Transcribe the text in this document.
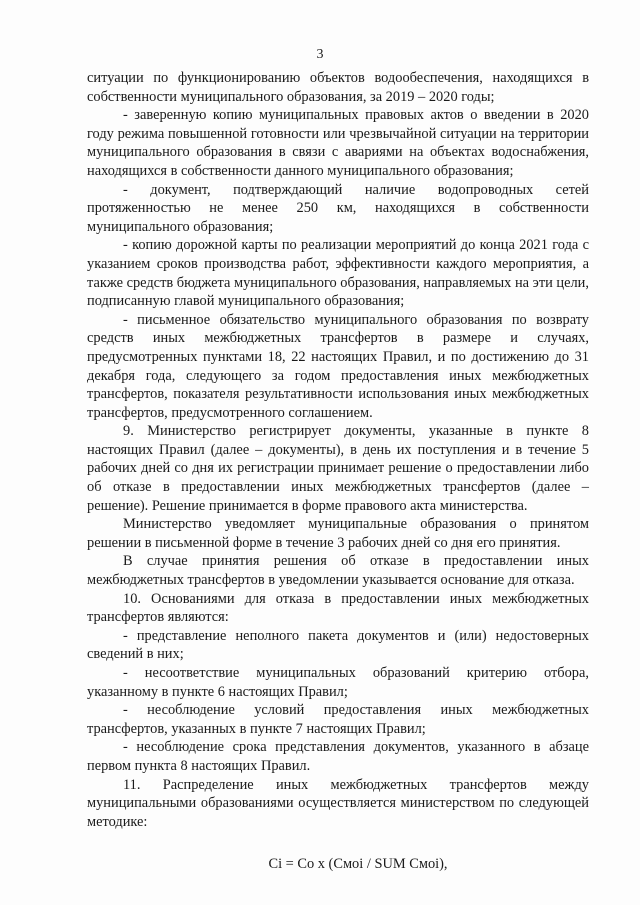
3

ситуации по функционированию объектов водообеспечения, находящихся в собственности муниципального образования, за 2019 – 2020 годы;

- заверенную копию муниципальных правовых актов о введении в 2020 году режима повышенной готовности или чрезвычайной ситуации на территории муниципального образования в связи с авариями на объектах водоснабжения, находящихся в собственности данного муниципального образования;

- документ, подтверждающий наличие водопроводных сетей протяженностью не менее 250 км, находящихся в собственности муниципального образования;

- копию дорожной карты по реализации мероприятий до конца 2021 года с указанием сроков производства работ, эффективности каждого мероприятия, а также средств бюджета муниципального образования, направляемых на эти цели, подписанную главой муниципального образования;

- письменное обязательство муниципального образования по возврату средств иных межбюджетных трансфертов в размере и случаях, предусмотренных пунктами 18, 22 настоящих Правил, и по достижению до 31 декабря года, следующего за годом предоставления иных межбюджетных трансфертов, показателя результативности использования иных межбюджетных трансфертов, предусмотренного соглашением.

9. Министерство регистрирует документы, указанные в пункте 8 настоящих Правил (далее – документы), в день их поступления и в течение 5 рабочих дней со дня их регистрации принимает решение о предоставлении либо об отказе в предоставлении иных межбюджетных трансфертов (далее – решение). Решение принимается в форме правового акта министерства.

Министерство уведомляет муниципальные образования о принятом решении в письменной форме в течение 3 рабочих дней со дня его принятия.

В случае принятия решения об отказе в предоставлении иных межбюджетных трансфертов в уведомлении указывается основание для отказа.

10. Основаниями для отказа в предоставлении иных межбюджетных трансфертов являются:

- представление неполного пакета документов и (или) недостоверных сведений в них;

- несоответствие муниципальных образований критерию отбора, указанному в пункте 6 настоящих Правил;

- несоблюдение условий предоставления иных межбюджетных трансфертов, указанных в пункте 7 настоящих Правил;

- несоблюдение срока представления документов, указанного в абзаце первом пункта 8 настоящих Правил.

11. Распределение иных межбюджетных трансфертов между муниципальными образованиями осуществляется министерством по следующей методике:

Ci = Co x (Cмoi / SUM Cмoi),
